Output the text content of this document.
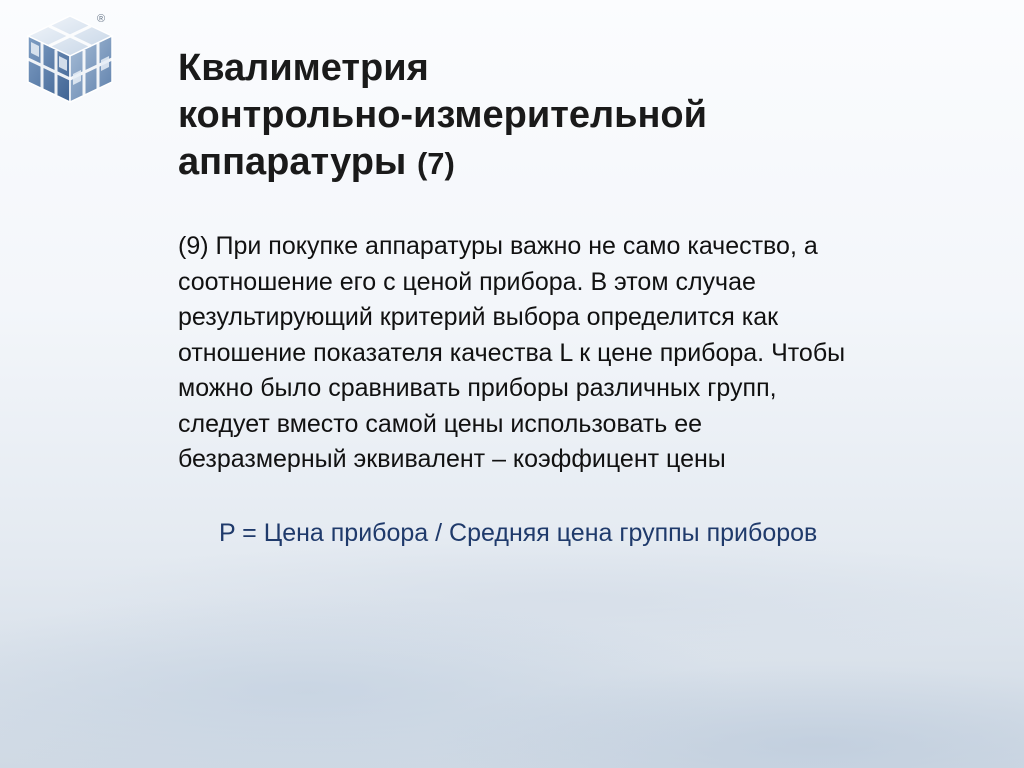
®
Квалиметрия
контрольно-измерительной
аппаратуры (7)

(9) При покупке аппаратуры важно не само качество, а
соотношение его с ценой прибора. В этом случае
результирующий критерий выбора определится как
отношение показателя качества L к цене прибора. Чтобы
можно было сравнивать приборы различных групп,
следует вместо самой цены использовать ее
безразмерный эквивалент – коэффицент цены

P = Цена прибора / Средняя цена группы приборов
